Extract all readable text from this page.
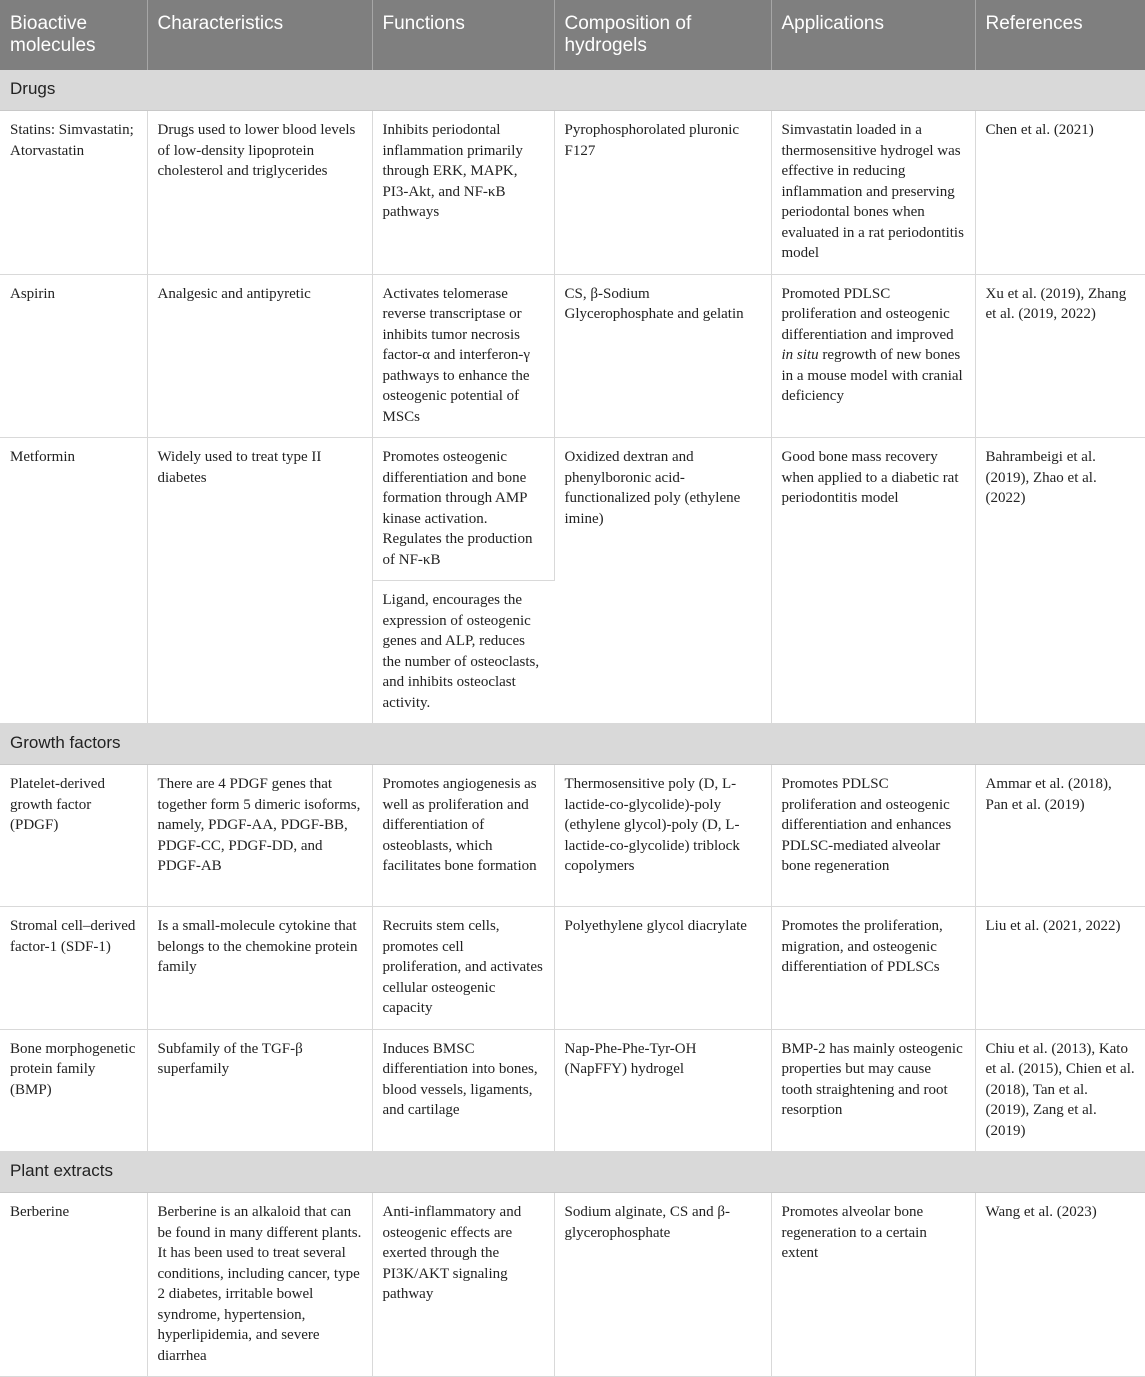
Bioactive molecules	Characteristics	Functions	Composition of hydrogels	Applications	References
Drugs					
Statins: Simvastatin; Atorvastatin	Drugs used to lower blood levels of low-density lipoprotein cholesterol and triglycerides	Inhibits periodontal inflammation primarily through ERK, MAPK, PI3-Akt, and NF-κB pathways	Pyrophosphorolated pluronic F127	Simvastatin loaded in a thermosensitive hydrogel was effective in reducing inflammation and preserving periodontal bones when evaluated in a rat periodontitis model	Chen et al. (2021)
Aspirin	Analgesic and antipyretic	Activates telomerase reverse transcriptase or inhibits tumor necrosis factor-α and interferon-γ pathways to enhance the osteogenic potential of MSCs	CS, β-Sodium Glycerophosphate and gelatin	Promoted PDLSC proliferation and osteogenic differentiation and improved in situ regrowth of new bones in a mouse model with cranial deficiency	Xu et al. (2019), Zhang et al. (2019, 2022)
Metformin	Widely used to treat type II diabetes	Promotes osteogenic differentiation and bone formation through AMP kinase activation. Regulates the production of NF-κB	Oxidized dextran and phenylboronic acid-functionalized poly (ethylene imine)	Good bone mass recovery when applied to a diabetic rat periodontitis model	Bahrambeigi et al. (2019), Zhao et al. (2022)
		Ligand, encourages the expression of osteogenic genes and ALP, reduces the number of osteoclasts, and inhibits osteoclast activity.			
Growth factors					
Platelet-derived growth factor (PDGF)	There are 4 PDGF genes that together form 5 dimeric isoforms, namely, PDGF-AA, PDGF-BB, PDGF-CC, PDGF-DD, and PDGF-AB	Promotes angiogenesis as well as proliferation and differentiation of osteoblasts, which facilitates bone formation	Thermosensitive poly (D, L-lactide-co-glycolide)-poly (ethylene glycol)-poly (D, L-lactide-co-glycolide) triblock copolymers	Promotes PDLSC proliferation and osteogenic differentiation and enhances PDLSC-mediated alveolar bone regeneration	Ammar et al. (2018), Pan et al. (2019)
Stromal cell–derived factor-1 (SDF-1)	Is a small-molecule cytokine that belongs to the chemokine protein family	Recruits stem cells, promotes cell proliferation, and activates cellular osteogenic capacity	Polyethylene glycol diacrylate	Promotes the proliferation, migration, and osteogenic differentiation of PDLSCs	Liu et al. (2021, 2022)
Bone morphogenetic protein family (BMP)	Subfamily of the TGF-β superfamily	Induces BMSC differentiation into bones, blood vessels, ligaments, and cartilage	Nap-Phe-Phe-Tyr-OH (NapFFY) hydrogel	BMP-2 has mainly osteogenic properties but may cause tooth straightening and root resorption	Chiu et al. (2013), Kato et al. (2015), Chien et al. (2018), Tan et al. (2019), Zang et al. (2019)
Plant extracts					
Berberine	Berberine is an alkaloid that can be found in many different plants. It has been used to treat several conditions, including cancer, type 2 diabetes, irritable bowel syndrome, hypertension, hyperlipidemia, and severe diarrhea	Anti-inflammatory and osteogenic effects are exerted through the PI3K/AKT signaling pathway	Sodium alginate, CS and β-glycerophosphate	Promotes alveolar bone regeneration to a certain extent	Wang et al. (2023)
